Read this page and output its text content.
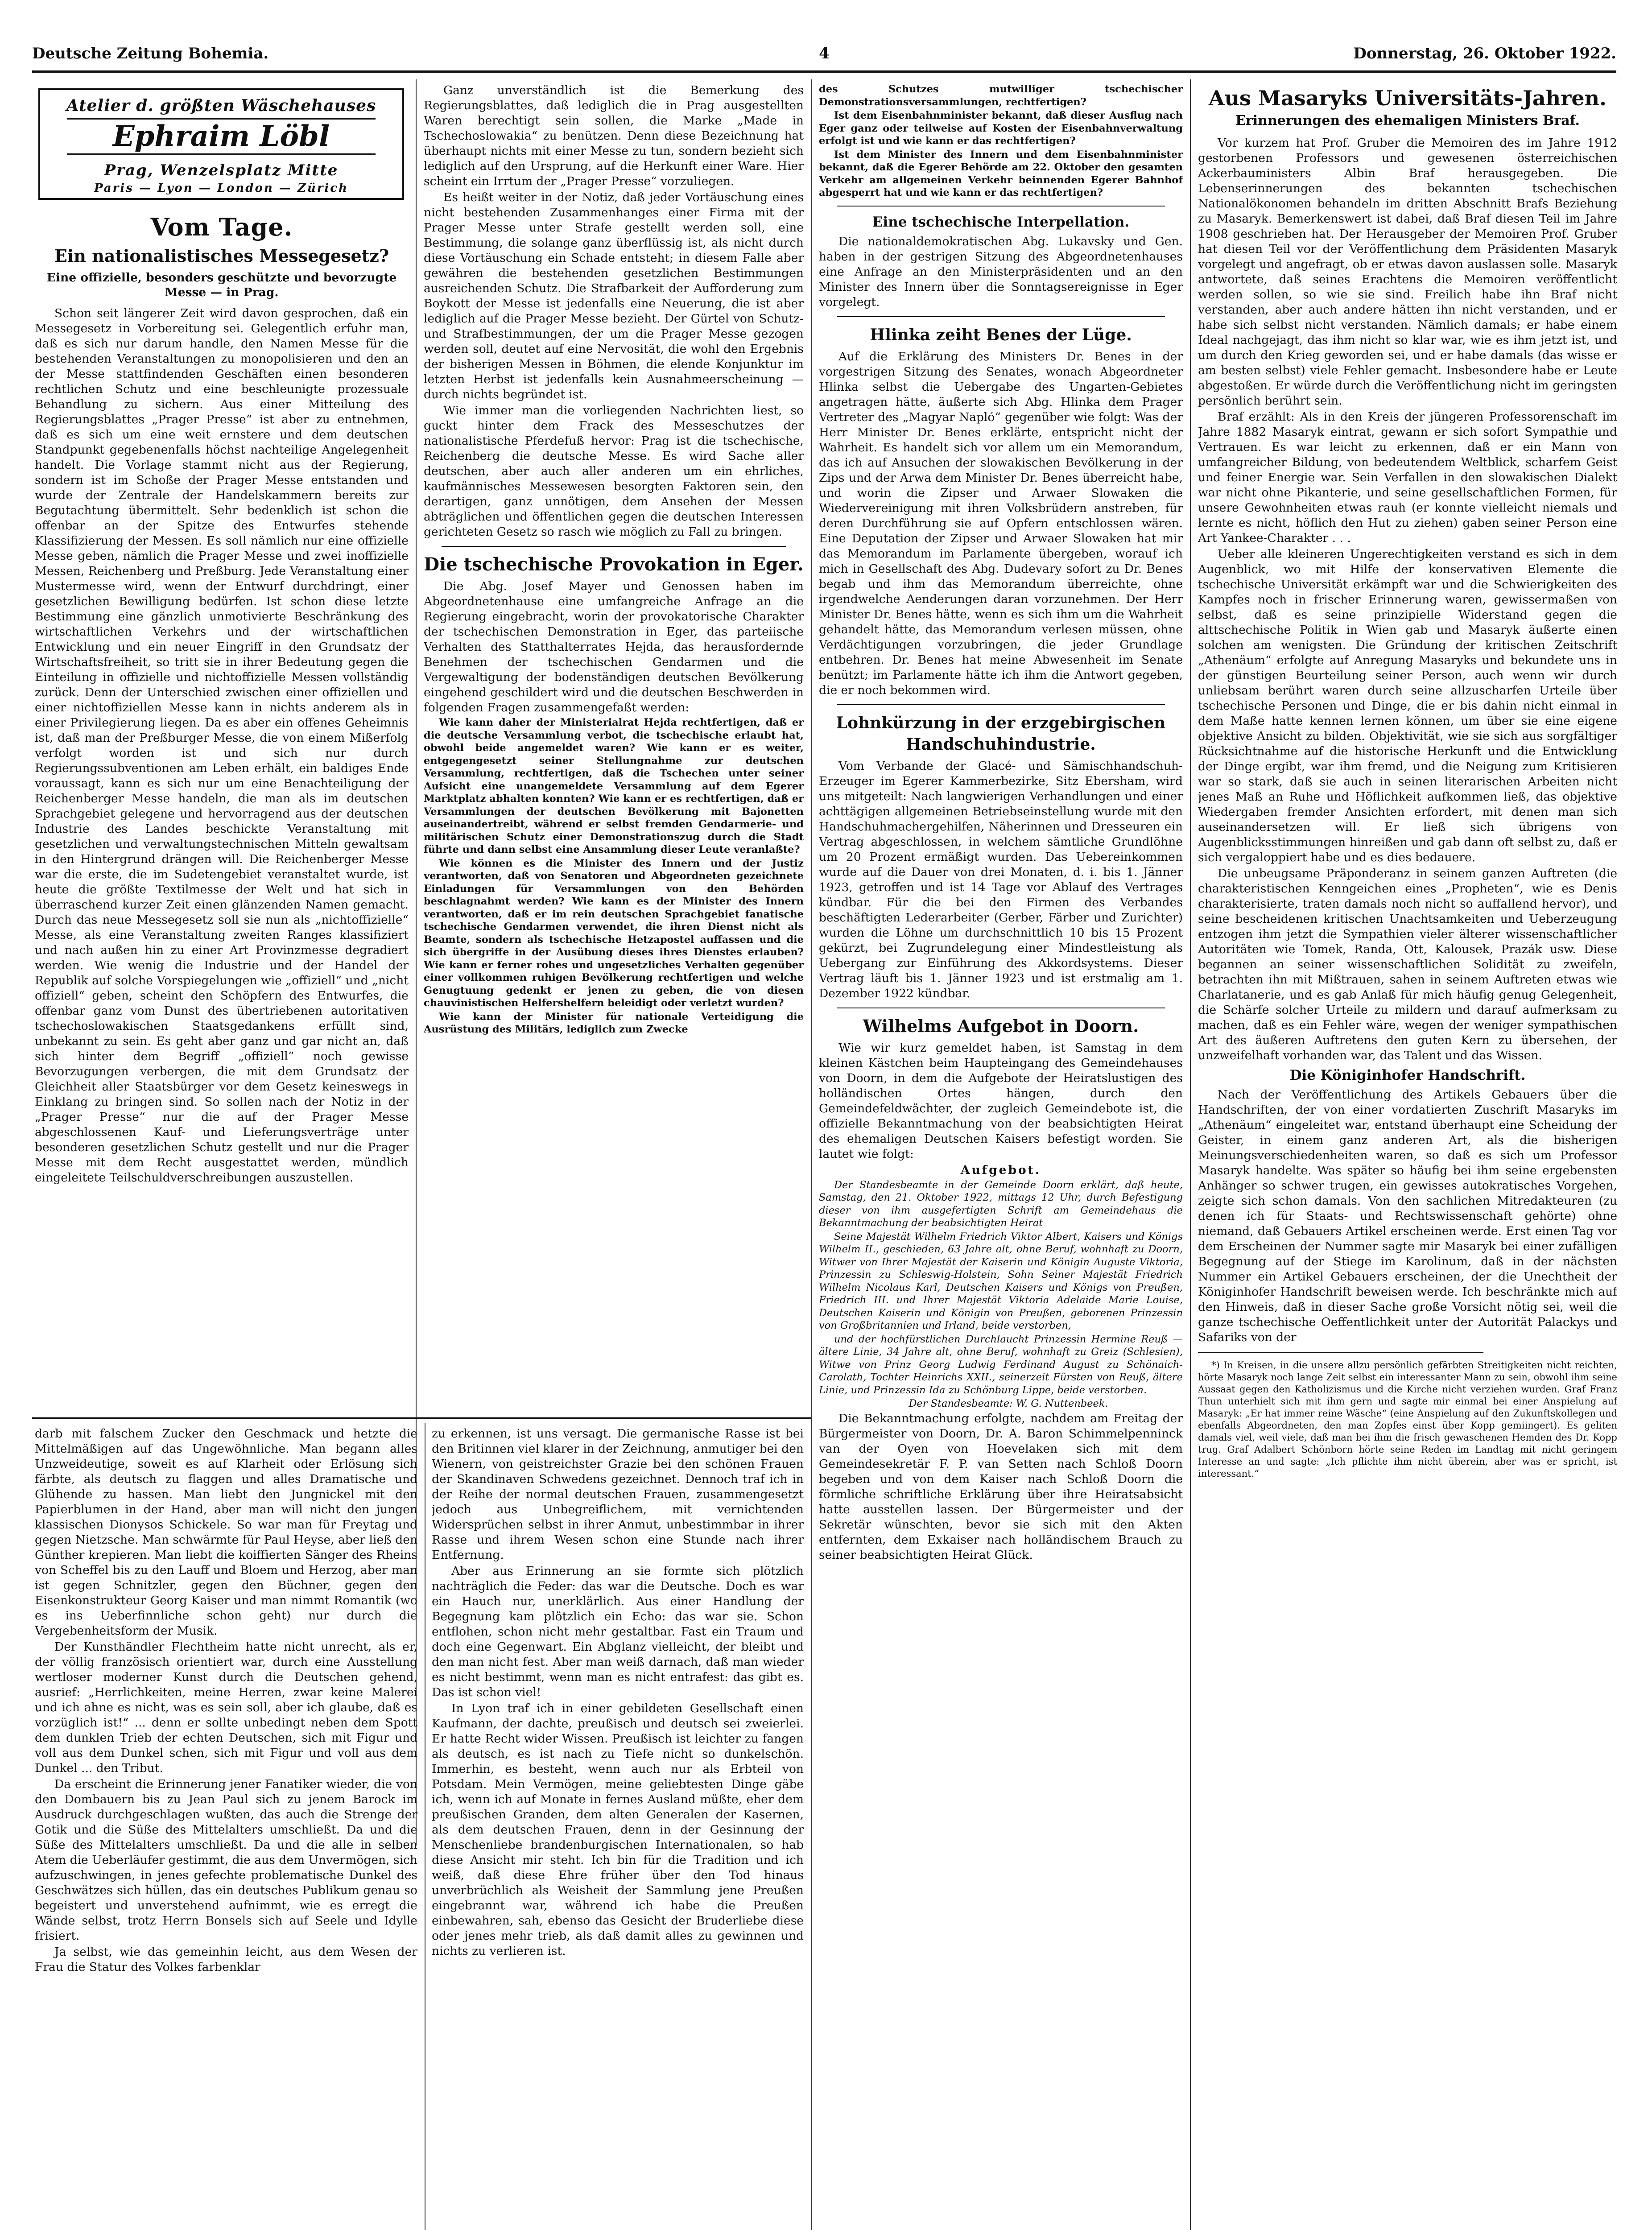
Deutsche Zeitung Bohemia.	4	Donnerstag, 26. Oktober 1922.
Atelier d. größten Wäschehauses
Ephraim Löbl
Prag, Wenzelsplatz Mitte
Paris — Lyon — London — Zürich
Vom Tage.
Ein nationalistisches Messegesetz?
Eine offizielle, besonders geschützte und bevorzugte Messe — in Prag.

Schon seit längerer Zeit wird davon gesprochen, daß ein Messegesetz in Vorbereitung sei. Gelegentlich erfuhr man, daß es sich nur darum handle, den Namen Messe für die bestehenden Veranstaltungen zu monopolisieren und den an der Messe stattfindenden Geschäften einen besonderen rechtlichen Schutz und eine beschleunigte prozessuale Behandlung zu sichern. Aus einer Mitteilung des Regierungsblattes „Prager Presse“ ist aber zu entnehmen, daß es sich um eine weit ernstere und dem deutschen Standpunkt gegebenenfalls höchst nachteilige Angelegenheit handelt. Die Vorlage stammt nicht aus der Regierung, sondern ist im Schoße der Prager Messe entstanden und wurde der Zentrale der Handelskammern bereits zur Begutachtung übermittelt. Sehr bedenklich ist schon die offenbar an der Spitze des Entwurfes stehende Klassifizierung der Messen. Es soll nämlich nur eine offizielle Messe geben, nämlich die Prager Messe und zwei inoffizielle Messen, Reichenberg und Preßburg. Jede Veranstaltung einer Mustermesse wird, wenn der Entwurf durchdringt, einer gesetzlichen Bewilligung bedürfen. Ist schon diese letzte Bestimmung eine gänzlich unmotivierte Beschränkung des wirtschaftlichen Verkehrs und der wirtschaftlichen Entwicklung und ein neuer Eingriff in den Grundsatz der Wirtschaftsfreiheit, so tritt sie in ihrer Bedeutung gegen die Einteilung in offizielle und nichtoffizielle Messen vollständig zurück. Denn der Unterschied zwischen einer offiziellen und einer nichtoffiziellen Messe kann in nichts anderem als in einer Privilegierung liegen. Da es aber ein offenes Geheimnis ist, daß man der Preßburger Messe, die von einem Mißerfolg verfolgt worden ist und sich nur durch Regierungssubventionen am Leben erhält, ein baldiges Ende voraussagt, kann es sich nur um eine Benachteiligung der Reichenberger Messe handeln, die man als im deutschen Sprachgebiet gelegene und hervorragend aus der deutschen Industrie des Landes beschickte Veranstaltung mit gesetzlichen und verwaltungstechnischen Mitteln gewaltsam in den Hintergrund drängen will. Die Reichenberger Messe war die erste, die im Sudetengebiet veranstaltet wurde, ist heute die größte Textilmesse der Welt und hat sich in überraschend kurzer Zeit einen glänzenden Namen gemacht. Durch das neue Messegesetz soll sie nun als „nichtoffizielle“ Messe, als eine Veranstaltung zweiten Ranges klassifiziert und nach außen hin zu einer Art Provinzmesse degradiert werden. Wie wenig die Industrie und der Handel der Republik auf solche Vorspiegelungen wie „offiziell“ und „nicht offiziell“ geben, scheint den Schöpfern des Entwurfes, die offenbar ganz vom Dunst des übertriebenen autoritativen tschechoslowakischen Staatsgedankens erfüllt sind, unbekannt zu sein. Es geht aber ganz und gar nicht an, daß sich hinter dem Begriff „offiziell“ noch gewisse Bevorzugungen verbergen, die mit dem Grundsatz der Gleichheit aller Staatsbürger vor dem Gesetz keineswegs in Einklang zu bringen sind. So sollen nach der Notiz in der „Prager Presse“ nur die auf der Prager Messe abgeschlossenen Kauf- und Lieferungsverträge unter besonderen gesetzlichen Schutz gestellt und nur die Prager Messe mit dem Recht ausgestattet werden, mündlich eingeleitete Teilschuldverschreibungen auszustellen.

Ganz unverständlich ist die Bemerkung des Regierungsblattes, daß lediglich die in Prag ausgestellten Waren berechtigt sein sollen, die Marke „Made in Tschechoslowakia“ zu benützen. Denn diese Bezeichnung hat überhaupt nichts mit einer Messe zu tun, sondern bezieht sich lediglich auf den Ursprung, auf die Herkunft einer Ware. Hier scheint ein Irrtum der „Prager Presse“ vorzuliegen.

Es heißt weiter in der Notiz, daß jeder Vortäuschung eines nicht bestehenden Zusammenhanges einer Firma mit der Prager Messe unter Strafe gestellt werden soll, eine Bestimmung, die solange ganz überflüssig ist, als nicht durch diese Vortäuschung ein Schade entsteht; in diesem Falle aber gewähren die bestehenden gesetzlichen Bestimmungen ausreichenden Schutz. Die Strafbarkeit der Aufforderung zum Boykott der Messe ist jedenfalls eine Neuerung, die ist aber lediglich auf die Prager Messe bezieht. Der Gürtel von Schutz- und Strafbestimmungen, der um die Prager Messe gezogen werden soll, deutet auf eine Nervosität, die wohl den Ergebnis der bisherigen Messen in Böhmen, die elende Konjunktur im letzten Herbst ist jedenfalls kein Ausnahmeerscheinung — durch nichts begründet ist.

Wie immer man die vorliegenden Nachrichten liest, so guckt hinter dem Frack des Messeschutzes der nationalistische Pferdefuß hervor: Prag ist die tschechische, Reichenberg die deutsche Messe. Es wird Sache aller deutschen, aber auch aller anderen um ein ehrliches, kaufmännisches Messewesen besorgten Faktoren sein, den derartigen, ganz unnötigen, dem Ansehen der Messen abträglichen und öffentlichen gegen die deutschen Interessen gerichteten Gesetz so rasch wie möglich zu Fall zu bringen.

Die tschechische Provokation in Eger.

Die Abg. Josef Mayer und Genossen haben im Abgeordnetenhause eine umfangreiche Anfrage an die Regierung eingebracht, worin der provokatorische Charakter der tschechischen Demonstration in Eger, das parteiische Verhalten des Statthalterrates Hejda, das herausfordernde Benehmen der tschechischen Gendarmen und die Vergewaltigung der bodenständigen deutschen Bevölkerung eingehend geschildert wird und die deutschen Beschwerden in folgenden Fragen zusammengefaßt werden:

Wie kann daher der Ministerialrat Hejda rechtfertigen, daß er die deutsche Versammlung verbot, die tschechische erlaubt hat, obwohl beide angemeldet waren? Wie kann er es weiter, entgegengesetzt seiner Stellungnahme zur deutschen Versammlung, rechtfertigen, daß die Tschechen unter seiner Aufsicht eine unangemeldete Versammlung auf dem Egerer Marktplatz abhalten konnten? Wie kann er es rechtfertigen, daß er Versammlungen der deutschen Bevölkerung mit Bajonetten auseinandertreibt, während er selbst fremden Gendarmerie- und militärischen Schutz einer Demonstrationszug durch die Stadt führte und dann selbst eine Ansammlung dieser Leute veranlaßte?

Wie können es die Minister des Innern und der Justiz verantworten, daß von Senatoren und Abgeordneten gezeichnete Einladungen für Versammlungen von den Behörden beschlagnahmt werden? Wie kann es der Minister des Innern verantworten, daß er im rein deutschen Sprachgebiet fanatische tschechische Gendarmen verwendet, die ihren Dienst nicht als Beamte, sondern als tschechische Hetzapostel auffassen und die sich übergriffe in der Ausübung dieses ihres Dienstes erlauben? Wie kann er ferner rohes und ungesetzliches Verhalten gegenüber einer vollkommen ruhigen Bevölkerung rechtfertigen und welche Genugtuung gedenkt er jenen zu geben, die von diesen chauvinistischen Helfershelfern beleidigt oder verletzt wurden?

Wie kann der Minister für nationale Verteidigung die Ausrüstung des Militärs, lediglich zum Zwecke

des Schutzes mutwilliger tschechischer Demonstrationsversammlungen, rechtfertigen?

Ist dem Eisenbahnminister bekannt, daß dieser Ausflug nach Eger ganz oder teilweise auf Kosten der Eisenbahnverwaltung erfolgt ist und wie kann er das rechtfertigen?

Ist dem Minister des Innern und dem Eisenbahnminister bekannt, daß die Egerer Behörde am 22. Oktober den gesamten Verkehr am allgemeinen Verkehr beinnenden Egerer Bahnhof abgesperrt hat und wie kann er das rechtfertigen?

Eine tschechische Interpellation.

Die nationaldemokratischen Abg. Lukavsky und Gen. haben in der gestrigen Sitzung des Abgeordnetenhauses eine Anfrage an den Ministerpräsidenten und an den Minister des Innern über die Sonntagsereignisse in Eger vorgelegt.

Hlinka zeiht Benes der Lüge.

Auf die Erklärung des Ministers Dr. Benes in der vorgestrigen Sitzung des Senates, wonach Abgeordneter Hlinka selbst die Uebergabe des Ungarten-Gebietes angetragen hätte, äußerte sich Abg. Hlinka dem Prager Vertreter des „Magyar Napló“ gegenüber wie folgt: Was der Herr Minister Dr. Benes erklärte, entspricht nicht der Wahrheit. Es handelt sich vor allem um ein Memorandum, das ich auf Ansuchen der slowakischen Bevölkerung in der Zips und der Arwa dem Minister Dr. Benes überreicht habe, und worin die Zipser und Arwaer Slowaken die Wiedervereinigung mit ihren Volksbrüdern anstreben, für deren Durchführung sie auf Opfern entschlossen wären. Eine Deputation der Zipser und Arwaer Slowaken hat mir das Memorandum im Parlamente übergeben, worauf ich mich in Gesellschaft des Abg. Dudevary sofort zu Dr. Benes begab und ihm das Memorandum überreichte, ohne irgendwelche Aenderungen daran vorzunehmen. Der Herr Minister Dr. Benes hätte, wenn es sich ihm um die Wahrheit gehandelt hätte, das Memorandum verlesen müssen, ohne Verdächtigungen vorzubringen, die jeder Grundlage entbehren. Dr. Benes hat meine Abwesenheit im Senate benützt; im Parlamente hätte ich ihm die Antwort gegeben, die er noch bekommen wird.

Lohnkürzung in der erzgebirgischen Handschuhindustrie.

Vom Verbande der Glacé- und Sämischhandschuh-Erzeuger im Egerer Kammerbezirke, Sitz Ebersham, wird uns mitgeteilt: Nach langwierigen Verhandlungen und einer achttägigen allgemeinen Betriebseinstellung wurde mit den Handschuhmachergehilfen, Näherinnen und Dresseuren ein Vertrag abgeschlossen, in welchem sämtliche Grundlöhne um 20 Prozent ermäßigt wurden. Das Uebereinkommen wurde auf die Dauer von drei Monaten, d. i. bis 1. Jänner 1923, getroffen und ist 14 Tage vor Ablauf des Vertrages kündbar. Für die bei den Firmen des Verbandes beschäftigten Lederarbeiter (Gerber, Färber und Zurichter) wurden die Löhne um durchschnittlich 10 bis 15 Prozent gekürzt, bei Zugrundelegung einer Mindestleistung als Uebergang zur Einführung des Akkordsystems. Dieser Vertrag läuft bis 1. Jänner 1923 und ist erstmalig am 1. Dezember 1922 kündbar.

Wilhelms Aufgebot in Doorn.

Wie wir kurz gemeldet haben, ist Samstag in dem kleinen Kästchen beim Haupteingang des Gemeindehauses von Doorn, in dem die Aufgebote der Heiratslustigen des holländischen Ortes hängen, durch den Gemeindefeldwächter, der zugleich Gemeindebote ist, die offizielle Bekanntmachung von der beabsichtigten Heirat des ehemaligen Deutschen Kaisers befestigt worden. Sie lautet wie folgt:

Aufgebot.

Der Standesbeamte in der Gemeinde Doorn erklärt, daß heute, Samstag, den 21. Oktober 1922, mittags 12 Uhr, durch Befestigung dieser von ihm ausgefertigten Schrift am Gemeindehaus die Bekanntmachung der beabsichtigten Heirat

Seine Majestät Wilhelm Friedrich Viktor Albert, Kaisers und Königs Wilhelm II., geschieden, 63 Jahre alt, ohne Beruf, wohnhaft zu Doorn, Witwer von Ihrer Majestät der Kaiserin und Königin Auguste Viktoria, Prinzessin zu Schleswig-Holstein, Sohn Seiner Majestät Friedrich Wilhelm Nicolaus Karl, Deutschen Kaisers und Königs von Preußen, Friedrich III. und Ihrer Majestät Viktoria Adelaide Marie Louise, Deutschen Kaiserin und Königin von Preußen, geborenen Prinzessin von Großbritannien und Irland, beide verstorben,

und der hochfürstlichen Durchlaucht Prinzessin Hermine Reuß — ältere Linie, 34 Jahre alt, ohne Beruf, wohnhaft zu Greiz (Schlesien), Witwe von Prinz Georg Ludwig Ferdinand August zu Schönaich-Carolath, Tochter Heinrichs XXII., seinerzeit Fürsten von Reuß, ältere Linie, und Prinzessin Ida zu Schönburg Lippe, beide verstorben.

Der Standesbeamte: W. G. Nuttenbeek.

Die Bekanntmachung erfolgte, nachdem am Freitag der Bürgermeister von Doorn, Dr. A. Baron Schimmelpenninck van der Oyen von Hoevelaken sich mit dem Gemeindesekretär F. P. van Setten nach Schloß Doorn begeben und von dem Kaiser nach Schloß Doorn die förmliche schriftliche Erklärung über ihre Heiratsabsicht hatte ausstellen lassen. Der Bürgermeister und der Sekretär wünschten, bevor sie sich mit den Akten entfernten, dem Exkaiser nach holländischem Brauch zu seiner beabsichtigten Heirat Glück.

Aus Masaryks Universitäts-Jahren.
Erinnerungen des ehemaligen Ministers Braf.

Vor kurzem hat Prof. Gruber die Memoiren des im Jahre 1912 gestorbenen Professors und gewesenen österreichischen Ackerbauministers Albin Braf herausgegeben. Die Lebenserinnerungen des bekannten tschechischen Nationalökonomen behandeln im dritten Abschnitt Brafs Beziehung zu Masaryk. Bemerkenswert ist dabei, daß Braf diesen Teil im Jahre 1908 geschrieben hat. Der Herausgeber der Memoiren Prof. Gruber hat diesen Teil vor der Veröffentlichung dem Präsidenten Masaryk vorgelegt und angefragt, ob er etwas davon auslassen solle. Masaryk antwortete, daß seines Erachtens die Memoiren veröffentlicht werden sollen, so wie sie sind. Freilich habe ihn Braf nicht verstanden, aber auch andere hätten ihn nicht verstanden, und er habe sich selbst nicht verstanden. Nämlich damals; er habe einem Ideal nachgejagt, das ihm nicht so klar war, wie es ihm jetzt ist, und um durch den Krieg geworden sei, und er habe damals (das wisse er am besten selbst) viele Fehler gemacht. Insbesondere habe er Leute abgestoßen. Er würde durch die Veröffentlichung nicht im geringsten persönlich berührt sein.

Braf erzählt: Als in den Kreis der jüngeren Professorenschaft im Jahre 1882 Masaryk eintrat, gewann er sich sofort Sympathie und Vertrauen. Es war leicht zu erkennen, daß er ein Mann von umfangreicher Bildung, von bedeutendem Weltblick, scharfem Geist und feiner Energie war. Sein Verfallen in den slowakischen Dialekt war nicht ohne Pikanterie, und seine gesellschaftlichen Formen, für unsere Gewohnheiten etwas rauh (er konnte vielleicht niemals und lernte es nicht, höflich den Hut zu ziehen) gaben seiner Person eine Art Yankee-Charakter . . .

Ueber alle kleineren Ungerechtigkeiten verstand es sich in dem Augenblick, wo mit Hilfe der konservativen Elemente die tschechische Universität erkämpft war und die Schwierigkeiten des Kampfes noch in frischer Erinnerung waren, gewissermaßen von selbst, daß es seine prinzipielle Widerstand gegen die alttschechische Politik in Wien gab und Masaryk äußerte einen solchen am wenigsten. Die Gründung der kritischen Zeitschrift „Athenäum“ erfolgte auf Anregung Masaryks und bekundete uns in der günstigen Beurteilung seiner Person, auch wenn wir durch unliebsam berührt waren durch seine allzuscharfen Urteile über tschechische Personen und Dinge, die er bis dahin nicht einmal in dem Maße hatte kennen lernen können, um über sie eine eigene objektive Ansicht zu bilden. Objektivität, wie sie sich aus sorgfältiger Rücksichtnahme auf die historische Herkunft und die Entwicklung der Dinge ergibt, war ihm fremd, und die Neigung zum Kritisieren war so stark, daß sie auch in seinen literarischen Arbeiten nicht jenes Maß an Ruhe und Höflichkeit aufkommen ließ, das objektive Wiedergaben fremder Ansichten erfordert, mit denen man sich auseinandersetzen will. Er ließ sich übrigens von Augenblicksstimmungen hinreißen und gab dann oft selbst zu, daß er sich vergaloppiert habe und es dies bedauere.

Die unbeugsame Präponderanz in seinem ganzen Auftreten (die charakteristischen Kenngeichen eines „Propheten“, wie es Denis charakterisierte, traten damals noch nicht so auffallend hervor), und seine bescheidenen kritischen Unachtsamkeiten und Ueberzeugung entzogen ihm jetzt die Sympathien vieler älterer wissenschaftlicher Autoritäten wie Tomek, Randa, Ott, Kalousek, Prazák usw. Diese begannen an seiner wissenschaftlichen Solidität zu zweifeln, betrachten ihn mit Mißtrauen, sahen in seinem Auftreten etwas wie Charlatanerie, und es gab Anlaß für mich häufig genug Gelegenheit, die Schärfe solcher Urteile zu mildern und darauf aufmerksam zu machen, daß es ein Fehler wäre, wegen der weniger sympathischen Art des äußeren Auftretens den guten Kern zu übersehen, der unzweifelhaft vorhanden war, das Talent und das Wissen.

Die Königinhofer Handschrift.

Nach der Veröffentlichung des Artikels Gebauers über die Handschriften, der von einer vordatierten Zuschrift Masaryks im „Athenäum“ eingeleitet war, entstand überhaupt eine Scheidung der Geister, in einem ganz anderen Art, als die bisherigen Meinungsverschiedenheiten waren, so daß es sich um Professor Masaryk handelte. Was später so häufig bei ihm seine ergebensten Anhänger so schwer trugen, ein gewisses autokratisches Vorgehen, zeigte sich schon damals. Von den sachlichen Mitredakteuren (zu denen ich für Staats- und Rechtswissenschaft gehörte) ohne niemand, daß Gebauers Artikel erscheinen werde. Erst einen Tag vor dem Erscheinen der Nummer sagte mir Masaryk bei einer zufälligen Begegnung auf der Stiege im Karolinum, daß in der nächsten Nummer ein Artikel Gebauers erscheinen, der die Unechtheit der Königinhofer Handschrift beweisen werde. Ich beschränkte mich auf den Hinweis, daß in dieser Sache große Vorsicht nötig sei, weil die ganze tschechische Oeffentlichkeit unter der Autorität Palackys und Safariks von der

*) In Kreisen, in die unsere allzu persönlich gefärbten Streitigkeiten nicht reichten, hörte Masaryk noch lange Zeit selbst ein interessanter Mann zu sein, obwohl ihm seine Aussaat gegen den Katholizismus und die Kirche nicht verziehen wurden. Graf Franz Thun unterhielt sich mit ihm gern und sagte mir einmal bei einer Anspielung auf Masaryk: „Er hat immer reine Wäsche“ (eine Anspielung auf den Zukunftskollegen und ebenfalls Abgeordneten, den man Zopfes einst über Kopp gemiingert). Es geliten damals viel, weil viele, daß man bei ihm die frisch gewaschenen Hemden des Dr. Kopp trug. Graf Adalbert Schönborn hörte seine Reden im Landtag mit nicht geringem Interesse an und sagte: „Ich pflichte ihm nicht überein, aber was er spricht, ist interessant.“

darb mit falschem Zucker den Geschmack und hetzte die Mittelmäßigen auf das Ungewöhnliche. Man begann alles Unzweideutige, soweit es auf Klarheit oder Erlösung sich färbte, als deutsch zu flaggen und alles Dramatische und Glühende zu hassen. Man liebt den Jungnickel mit den Papierblumen in der Hand, aber man will nicht den jungen klassischen Dionysos Schickele. So war man für Freytag und gegen Nietzsche. Man schwärmte für Paul Heyse, aber ließ den Günther krepieren. Man liebt die koiffierten Sänger des Rheins von Scheffel bis zu den Lauff und Bloem und Herzog, aber man ist gegen Schnitzler, gegen den Büchner, gegen den Eisenkonstrukteur Georg Kaiser und man nimmt Romantik (wo es ins Ueberfinnliche schon geht) nur durch die Vergebenheitsform der Musik.

Der Kunsthändler Flechtheim hatte nicht unrecht, als er, der völlig französisch orientiert war, durch eine Ausstellung wertloser moderner Kunst durch die Deutschen gehend, ausrief: „Herrlichkeiten, meine Herren, zwar keine Malerei und ich ahne es nicht, was es sein soll, aber ich glaube, daß es vorzüglich ist!“ ... denn er sollte unbedingt neben dem Spott dem dunklen Trieb der echten Deutschen, sich mit Figur und voll aus dem Dunkel schen, sich mit Figur und voll aus dem Dunkel ... den Tribut.

Da erscheint die Erinnerung jener Fanatiker wieder, die von den Dombauern bis zu Jean Paul sich zu jenem Barock im Ausdruck durchgeschlagen wußten, das auch die Strenge der Gotik und die Süße des Mittelalters umschließt. Da und die Süße des Mittelalters umschließt. Da und die alle in selben Atem die Ueberläufer gestimmt, die aus dem Unvermögen, sich aufzuschwingen, in jenes gefechte problematische Dunkel des Geschwätzes sich hüllen, das ein deutsches Publikum genau so begeistert und unverstehend aufnimmt, wie es erregt die Wände selbst, trotz Herrn Bonsels sich auf Seele und Idylle frisiert.

Ja selbst, wie das gemeinhin leicht, aus dem Wesen der Frau die Statur des Volkes farbenklar

zu erkennen, ist uns versagt. Die germanische Rasse ist bei den Britinnen viel klarer in der Zeichnung, anmutiger bei den Wienern, von geistreichster Grazie bei den schönen Frauen der Skandinaven Schwedens gezeichnet. Dennoch traf ich in der Reihe der normal deutschen Frauen, zusammengesetzt jedoch aus Unbegreiflichem, mit vernichtenden Widersprüchen selbst in ihrer Anmut, unbestimmbar in ihrer Rasse und ihrem Wesen schon eine Stunde nach ihrer Entfernung.

Aber aus Erinnerung an sie formte sich plötzlich nachträglich die Feder: das war die Deutsche. Doch es war ein Hauch nur, unerklärlich. Aus einer Handlung der Begegnung kam plötzlich ein Echo: das war sie. Schon entflohen, schon nicht mehr gestaltbar. Fast ein Traum und doch eine Gegenwart. Ein Abglanz vielleicht, der bleibt und den man nicht fest. Aber man weiß darnach, daß man wieder es nicht bestimmt, wenn man es nicht entrafest: das gibt es. Das ist schon viel!

In Lyon traf ich in einer gebildeten Gesellschaft einen Kaufmann, der dachte, preußisch und deutsch sei zweierlei. Er hatte Recht wider Wissen. Preußisch ist leichter zu fangen als deutsch, es ist nach zu Tiefe nicht so dunkelschön. Immerhin, es besteht, wenn auch nur als Erbteil von Potsdam. Mein Vermögen, meine geliebtesten Dinge gäbe ich, wenn ich auf Monate in fernes Ausland müßte, eher dem preußischen Granden, dem alten Generalen der Kasernen, als dem deutschen Frauen, denn in der Gesinnung der Menschenliebe brandenburgischen Internationalen, so hab diese Ansicht mir steht. Ich bin für die Tradition und ich weiß, daß diese Ehre früher über den Tod hinaus unverbrüchlich als Weisheit der Sammlung jene Preußen eingebrannt war, während ich habe die Preußen einbewahren, sah, ebenso das Gesicht der Bruderliebe diese oder jenes mehr trieb, als daß damit alles zu gewinnen und nichts zu verlieren ist.
